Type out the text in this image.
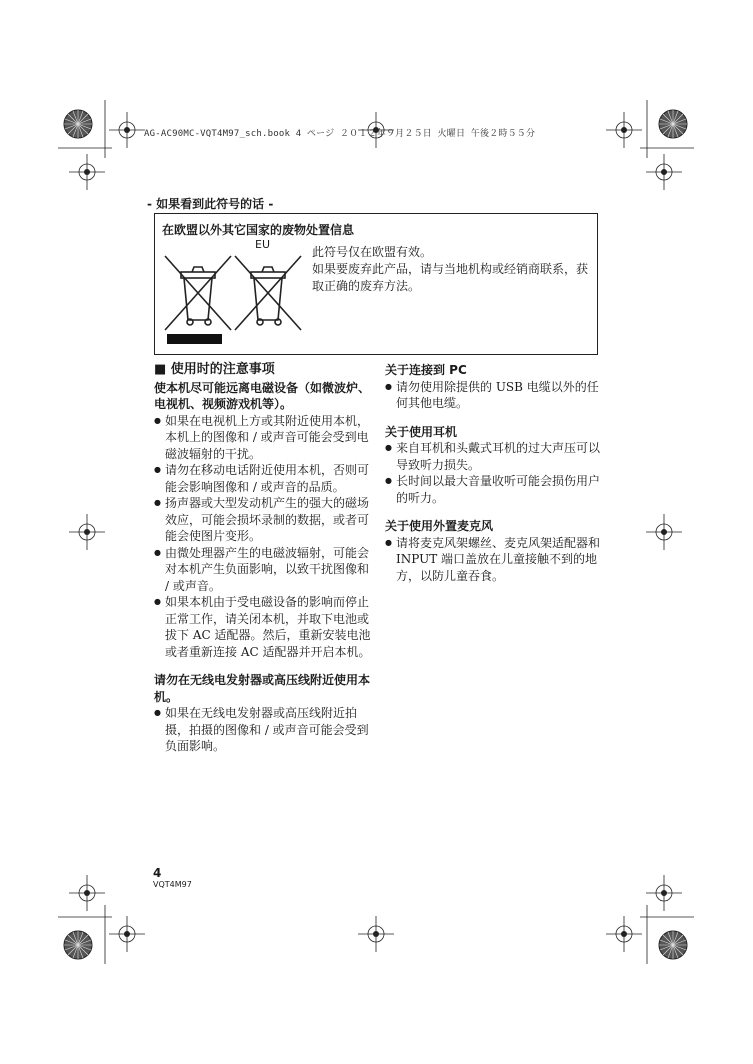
AG-AC90MC-VQT4M97_sch.book 4 ページ ２０１２年９月２５日 火曜日 午後２時５５分
- 如果看到此符号的话 -
在欧盟以外其它国家的废物处置信息
EU
此符号仅在欧盟有效。
如果要废弃此产品，请与当地机构或经销商联系，获取正确的废弃方法。
■ 使用时的注意事项
使本机尽可能远离电磁设备（如微波炉、电视机、视频游戏机等）。
● 如果在电视机上方或其附近使用本机，本机上的图像和 / 或声音可能会受到电磁波辐射的干扰。
● 请勿在移动电话附近使用本机，否则可能会影响图像和 / 或声音的品质。
● 扬声器或大型发动机产生的强大的磁场效应，可能会损坏录制的数据，或者可能会使图片变形。
● 由微处理器产生的电磁波辐射，可能会对本机产生负面影响，以致干扰图像和 / 或声音。
● 如果本机由于受电磁设备的影响而停止正常工作，请关闭本机，并取下电池或拔下 AC 适配器。然后，重新安装电池或者重新连接 AC 适配器并开启本机。
请勿在无线电发射器或高压线附近使用本机。
● 如果在无线电发射器或高压线附近拍摄，拍摄的图像和 / 或声音可能会受到负面影响。
关于连接到 PC
● 请勿使用除提供的 USB 电缆以外的任何其他电缆。
关于使用耳机
● 来自耳机和头戴式耳机的过大声压可以导致听力损失。
● 长时间以最大音量收听可能会损伤用户的听力。
关于使用外置麦克风
● 请将麦克风架螺丝、麦克风架适配器和 INPUT 端口盖放在儿童接触不到的地方，以防儿童吞食。
4
VQT4M97
